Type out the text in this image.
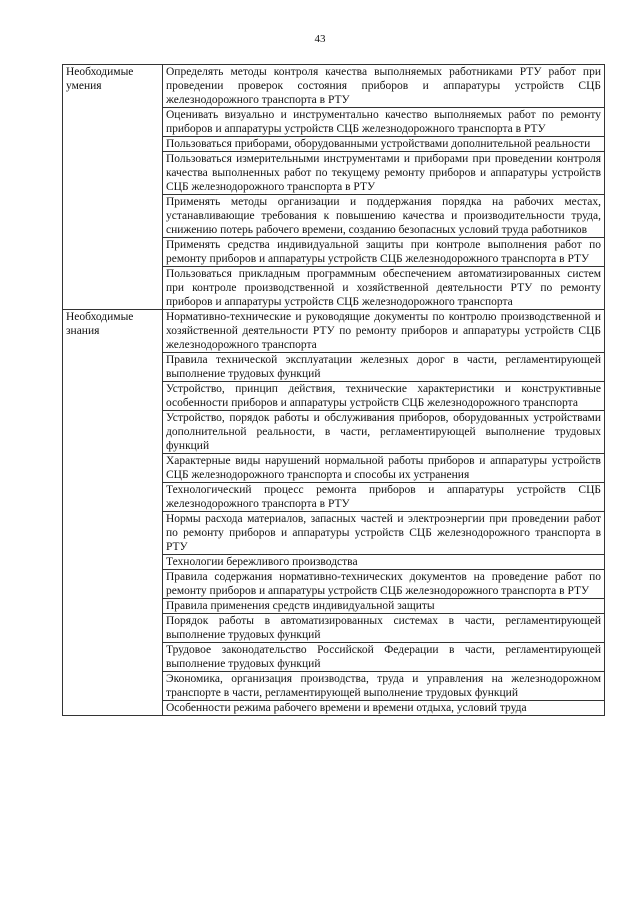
43
Необходимые умения	Определять методы контроля качества выполняемых работниками РТУ работ при проведении проверок состояния приборов и аппаратуры устройств СЦБ железнодорожного транспорта в РТУ
	Оценивать визуально и инструментально качество выполняемых работ по ремонту приборов и аппаратуры устройств СЦБ железнодорожного транспорта в РТУ
	Пользоваться приборами, оборудованными устройствами дополнительной реальности
	Пользоваться измерительными инструментами и приборами при проведении контроля качества выполненных работ по текущему ремонту приборов и аппаратуры устройств СЦБ железнодорожного транспорта в РТУ
	Применять методы организации и поддержания порядка на рабочих местах, устанавливающие требования к повышению качества и производительности труда, снижению потерь рабочего времени, созданию безопасных условий труда работников
	Применять средства индивидуальной защиты при контроле выполнения работ по ремонту приборов и аппаратуры устройств СЦБ железнодорожного транспорта в РТУ
	Пользоваться прикладным программным обеспечением автоматизированных систем при контроле производственной и хозяйственной деятельности РТУ по ремонту приборов и аппаратуры устройств СЦБ железнодорожного транспорта
Необходимые знания	Нормативно-технические и руководящие документы по контролю производственной и хозяйственной деятельности РТУ по ремонту приборов и аппаратуры устройств СЦБ железнодорожного транспорта
	Правила технической эксплуатации железных дорог в части, регламентирующей выполнение трудовых функций
	Устройство, принцип действия, технические характеристики и конструктивные особенности приборов и аппаратуры устройств СЦБ железнодорожного транспорта
	Устройство, порядок работы и обслуживания приборов, оборудованных устройствами дополнительной реальности, в части, регламентирующей выполнение трудовых функций
	Характерные виды нарушений нормальной работы приборов и аппаратуры устройств СЦБ железнодорожного транспорта и способы их устранения
	Технологический процесс ремонта приборов и аппаратуры устройств СЦБ железнодорожного транспорта в РТУ
	Нормы расхода материалов, запасных частей и электроэнергии при проведении работ по ремонту приборов и аппаратуры устройств СЦБ железнодорожного транспорта в РТУ
	Технологии бережливого производства
	Правила содержания нормативно-технических документов на проведение работ по ремонту приборов и аппаратуры устройств СЦБ железнодорожного транспорта в РТУ
	Правила применения средств индивидуальной защиты
	Порядок работы в автоматизированных системах в части, регламентирующей выполнение трудовых функций
	Трудовое законодательство Российской Федерации в части, регламентирующей выполнение трудовых функций
	Экономика, организация производства, труда и управления на железнодорожном транспорте в части, регламентирующей выполнение трудовых функций
	Особенности режима рабочего времени и времени отдыха, условий труда
